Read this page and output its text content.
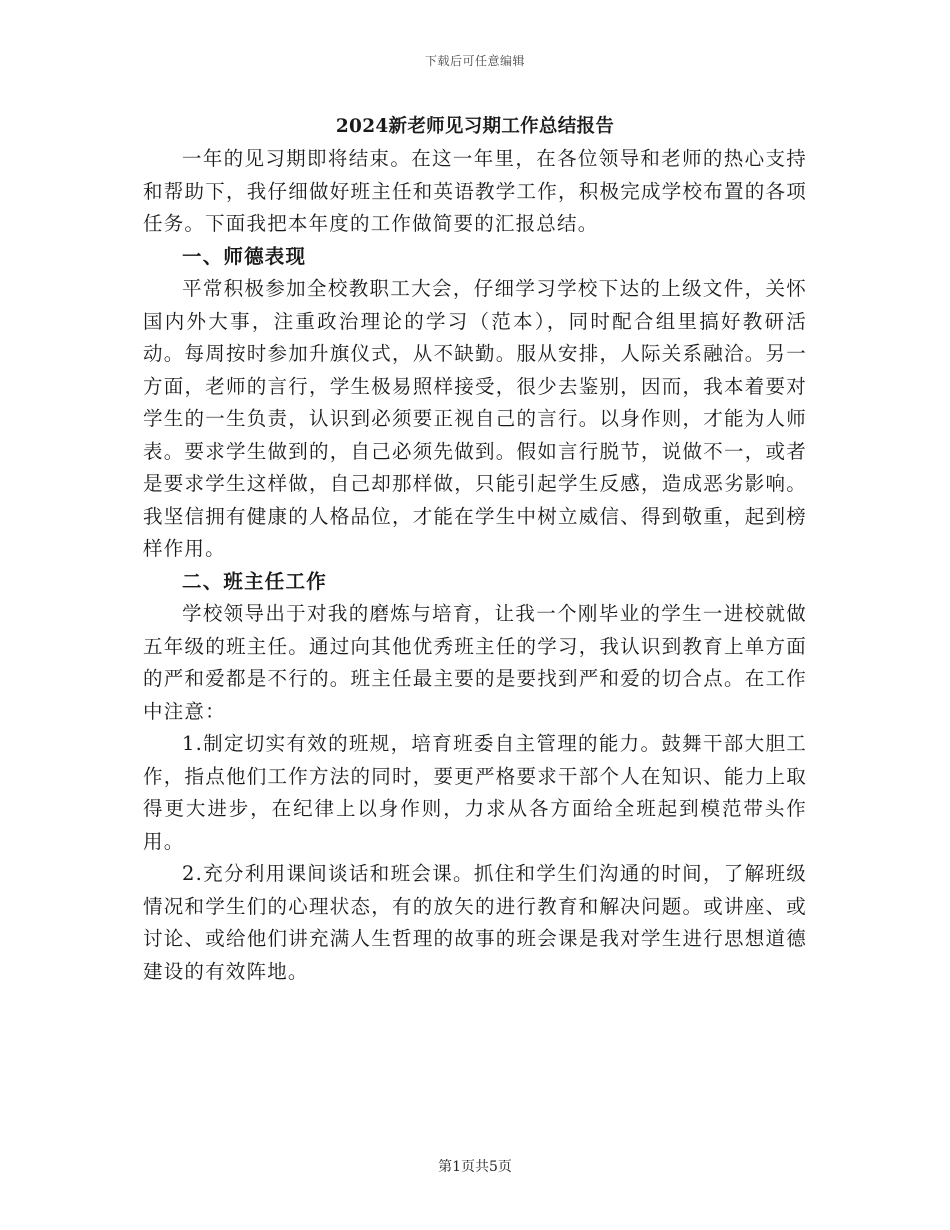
下载后可任意编辑
2024新老师见习期工作总结报告

一年的见习期即将结束。在这一年里，在各位领导和老师的热心支持和帮助下，我仔细做好班主任和英语教学工作，积极完成学校布置的各项任务。下面我把本年度的工作做简要的汇报总结。

一、师德表现

平常积极参加全校教职工大会，仔细学习学校下达的上级文件，关怀国内外大事，注重政治理论的学习（范本），同时配合组里搞好教研活动。每周按时参加升旗仪式，从不缺勤。服从安排，人际关系融洽。另一方面，老师的言行，学生极易照样接受，很少去鉴别，因而，我本着要对学生的一生负责，认识到必须要正视自己的言行。以身作则，才能为人师表。要求学生做到的，自己必须先做到。假如言行脱节，说做不一，或者是要求学生这样做，自己却那样做，只能引起学生反感，造成恶劣影响。我坚信拥有健康的人格品位，才能在学生中树立威信、得到敬重，起到榜样作用。

二、班主任工作

学校领导出于对我的磨炼与培育，让我一个刚毕业的学生一进校就做五年级的班主任。通过向其他优秀班主任的学习，我认识到教育上单方面的严和爱都是不行的。班主任最主要的是要找到严和爱的切合点。在工作中注意：

1.制定切实有效的班规，培育班委自主管理的能力。鼓舞干部大胆工作，指点他们工作方法的同时，要更严格要求干部个人在知识、能力上取得更大进步，在纪律上以身作则，力求从各方面给全班起到模范带头作用。

2.充分利用课间谈话和班会课。抓住和学生们沟通的时间，了解班级情况和学生们的心理状态，有的放矢的进行教育和解决问题。或讲座、或讨论、或给他们讲充满人生哲理的故事的班会课是我对学生进行思想道德建设的有效阵地。

第1页共5页
